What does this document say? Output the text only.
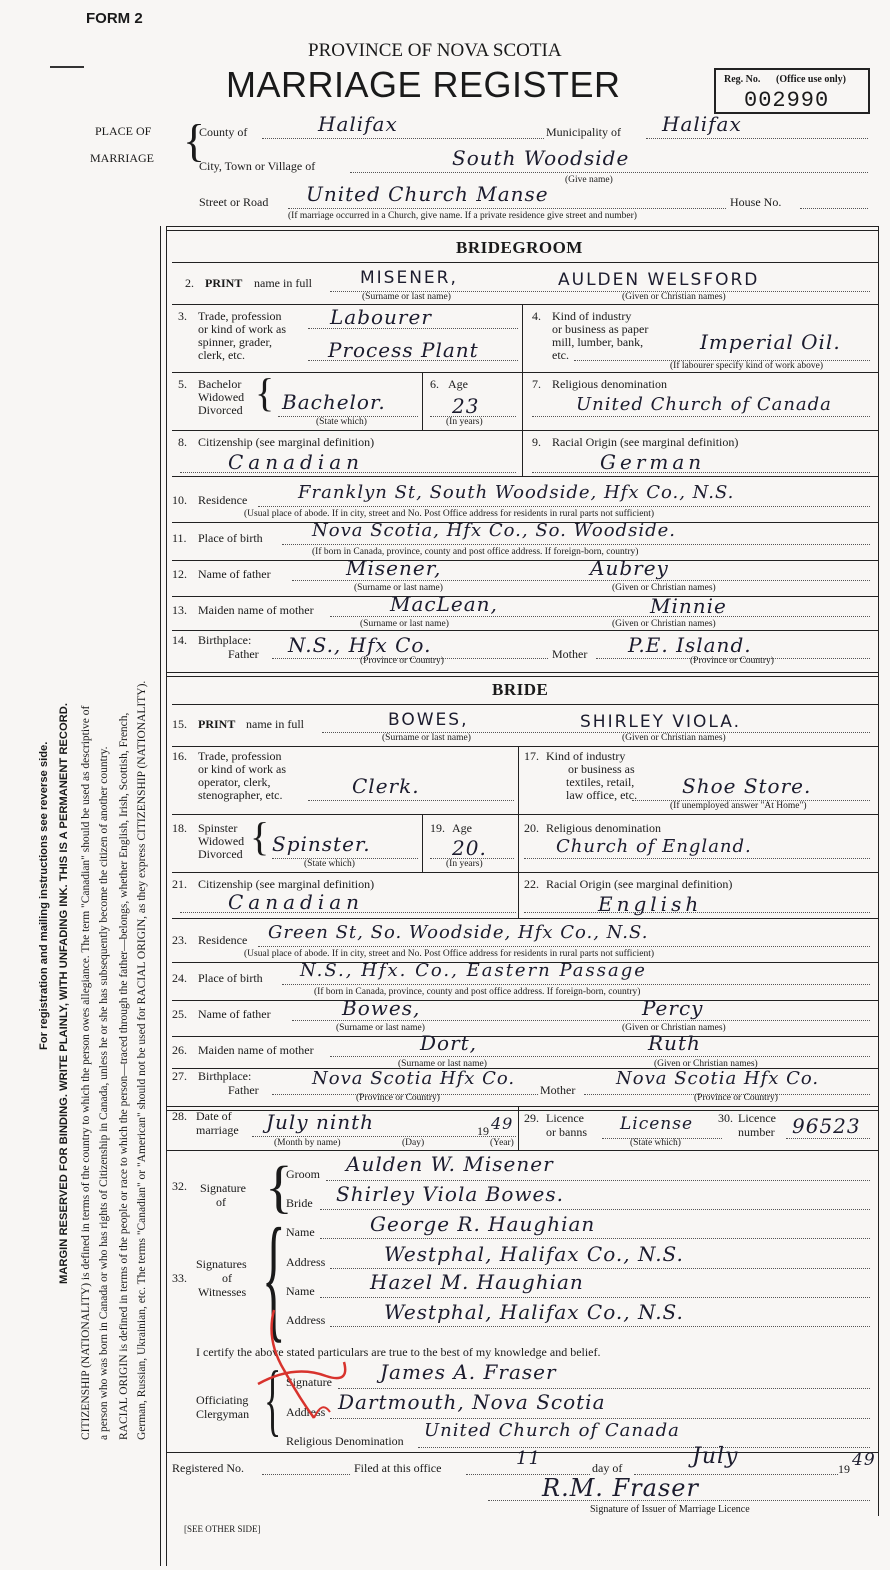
FORM 2
PROVINCE OF NOVA SCOTIA
MARRIAGE REGISTER	Reg. No. (Office use only)
002990
PLACE OF
MARRIAGE {
County of	Halifax	Municipality of Halifax
City, Town or Village of	South Woodside
(Give name)
Street or Road United Church Manse	House No.
(If marriage occurred in a Church, give name. If a private residence give street and number)
For registration and mailing instructions see reverse side. MARGIN RESERVED FOR BINDING. WRITE PLAINLY, WITH UNFADING INK. THIS IS A PERMANENT RECORD. CITIZENSHIP (NATIONALITY) is defined in terms of the country to which the person owes allegiance. The term "Canadian" should be used as descriptive of a person who was born in Canada or who has rights of Citizenship in Canada, unless he or she has subsequently become the citizen of another country. RACIAL ORIGIN is defined in terms of the people or race to which the person—traced through the father—belongs, whether English, Irish, Scottish, French, German, Russian, Ukrainian, etc. The terms "Canadian" or "American" should not be used for RACIAL ORIGIN, as they express CITIZENSHIP (NATIONALITY).
BRIDEGROOM
2. PRINT name in full	MISENER,	AULDEN WELSFORD
(Surname or last name)	(Given or Christian names)
3. Trade, profession
or kind of work as
spinner, grader,
clerk, etc.
Labourer
Process Plant
4. Kind of industry
or business as paper
mill, lumber, bank,
etc.
Imperial Oil.
(If labourer specify kind of work above)
5. Bachelor
Widowed
Divorced { Bachelor.
(State which)
6. Age
23
(In years)
7. Religious denomination
United Church of Canada
8. Citizenship (see marginal definition)
Canadian
9. Racial Origin (see marginal definition)
German
10. Residence	Franklyn St, South Woodside, Hfx Co., N.S.
(Usual place of abode. If in city, street and No. Post Office address for residents in rural parts not sufficient)
11. Place of birth	Nova Scotia, Hfx Co., So. Woodside.
(If born in Canada, province, county and post office address. If foreign-born, country)
12. Name of father	Misener,	Aubrey
(Surname or last name)	(Given or Christian names)
13. Maiden name of mother	MacLean,	Minnie
(Surname or last name)	(Given or Christian names)
14. Birthplace:
Father N.S., Hfx Co.	Mother P.E. Island.
(Province or Country)	(Province or Country)
BRIDE
15. PRINT name in full	BOWES,	SHIRLEY VIOLA.
(Surname or last name)	(Given or Christian names)
16. Trade, profession
or kind of work as
operator, clerk,
stenographer, etc.	Clerk.
17. Kind of industry
or business as
textiles, retail,
law office, etc. Shoe Store.
(If unemployed answer "At Home")
18. Spinster
Widowed
Divorced { Spinster.
(State which)
19. Age
20.
(In years)
20. Religious denomination
Church of England.
21. Citizenship (see marginal definition)
Canadian
22. Racial Origin (see marginal definition)
English
23. Residence Green St, So. Woodside, Hfx Co., N.S.
(Usual place of abode. If in city, street and No. Post Office address for residents in rural parts not sufficient)
24. Place of birth N.S., Hfx. Co., Eastern Passage
(If born in Canada, province, county and post office address. If foreign-born, country)
25. Name of father	Bowes,	Percy
(Surname or last name)	(Given or Christian names)
26. Maiden name of mother	Dort,	Ruth
(Surname or last name)	(Given or Christian names)
27. Birthplace:
Father
Nova Scotia Hfx Co.
Mother
Nova Scotia Hfx Co.
(Province or Country)	(Province or Country)
28. Date of
marriage July ninth	19 49
(Month by name)	(Day)	(Year)
29. Licence
or banns License
(State which)
30. Licence
number 96523
32. Signature
of {
Groom Aulden W. Misener
Bride Shirley Viola Bowes.
33.
Signatures
of
Witnesses { Name	George R. Haughian
Address	Westphal, Halifax Co., N.S.
Name	Hazel M. Haughian
Address	Westphal, Halifax Co., N.S.
I certify the above stated particulars are true to the best of my knowledge and belief.
Officiating
Clergyman { Signature James A. Fraser
Address Dartmouth, Nova Scotia
Religious Denomination United Church of Canada
Registered No.	Filed at this office	11	day of	July	19 49
R.M. Fraser
Signature of Issuer of Marriage Licence
[SEE OTHER SIDE]
